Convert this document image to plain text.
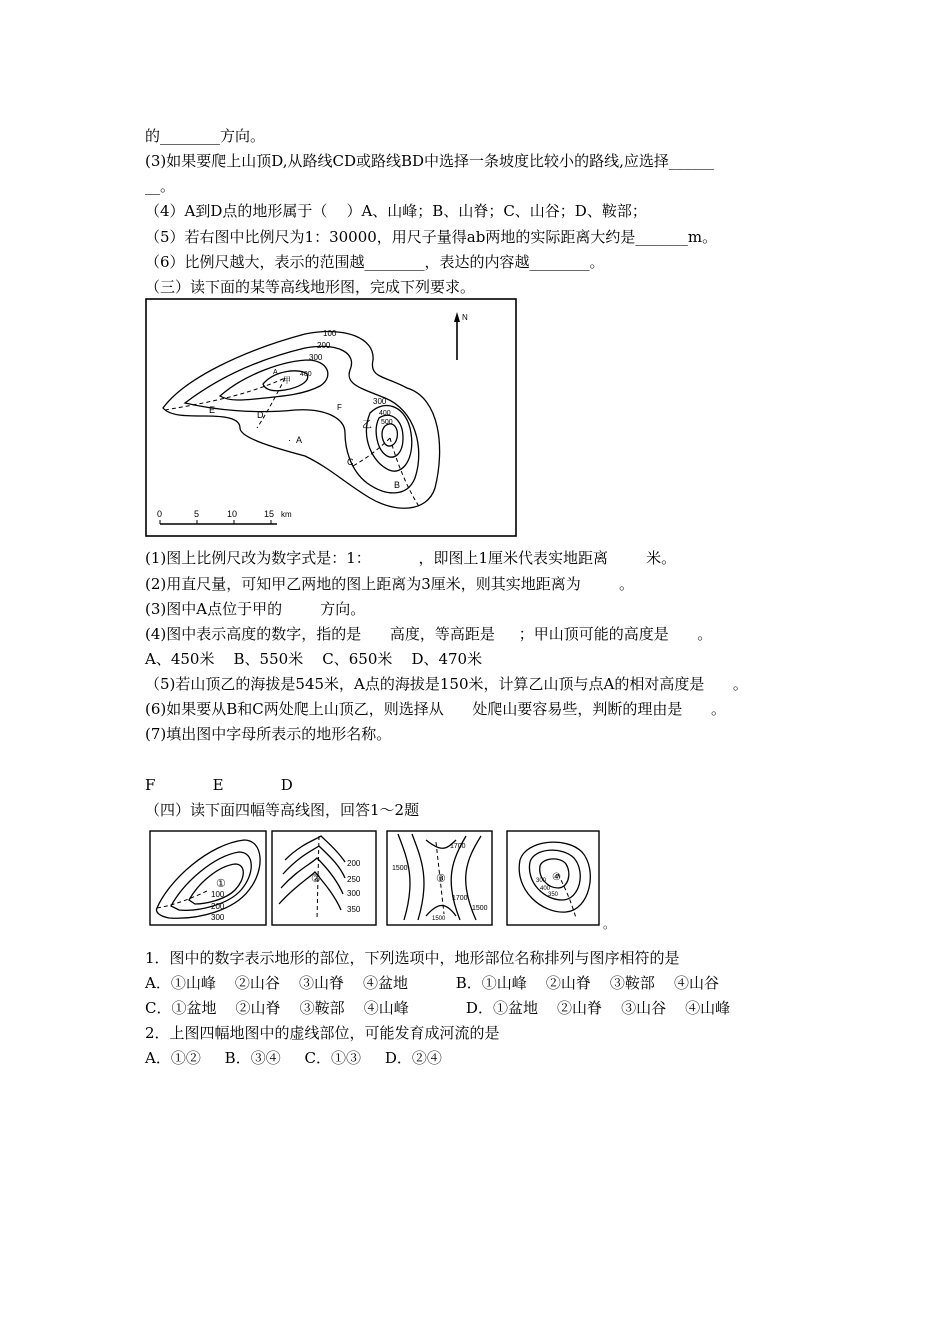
的________方向。
(3)如果要爬上山顶D,从路线CD或路线BD中选择一条坡度比较小的路线,应选择______
__。
（4）A到D点的地形属于（    ）A、山峰；B、山脊；C、山谷；D、鞍部；
（5）若右图中比例尺为1：30000，用尺子量得ab两地的实际距离大约是_______m。
（6）比例尺越大，表示的范围越________，表达的内容越________。
（三）读下面的某等高线地形图，完成下列要求。
100
200
300
400
300
400
500
A
甲
E	D
F
乙
C
B
· A
N
0	5	10	15 km
(1)图上比例尺改为数字式是：1：          ，即图上1厘米代表实地距离        米。
(2)用直尺量，可知甲乙两地的图上距离为3厘米，则其实地距离为        。
(3)图中A点位于甲的        方向。
(4)图中表示高度的数字，指的是      高度，等高距是     ；甲山顶可能的高度是      。
A、450米    B、550米    C、650米    D、470米
（5)若山顶乙的海拔是545米，A点的海拔是150米，计算乙山顶与点A的相对高度是      。
(6)如果要从B和C两处爬上山顶乙，则选择从      处爬山要容易些，判断的理由是      。
(7)填出图中字母所表示的地形名称。
F            E            D
（四）读下面四幅等高线图，回答1～2题
①
100
200
300
②
200
250
300
350
③
1700
1500
1700
1500
1500
④
300
400
350
。
1．图中的数字表示地形的部位，下列选项中，地形部位名称排列与图序相符的是
A．①山峰    ②山谷    ③山脊    ④盆地          B．①山峰    ②山脊    ③鞍部    ④山谷
C．①盆地    ②山脊    ③鞍部    ④山峰            D．①盆地    ②山脊    ③山谷    ④山峰
2．上图四幅地图中的虚线部位，可能发育成河流的是
A．①②     B．③④     C．①③     D．②④
